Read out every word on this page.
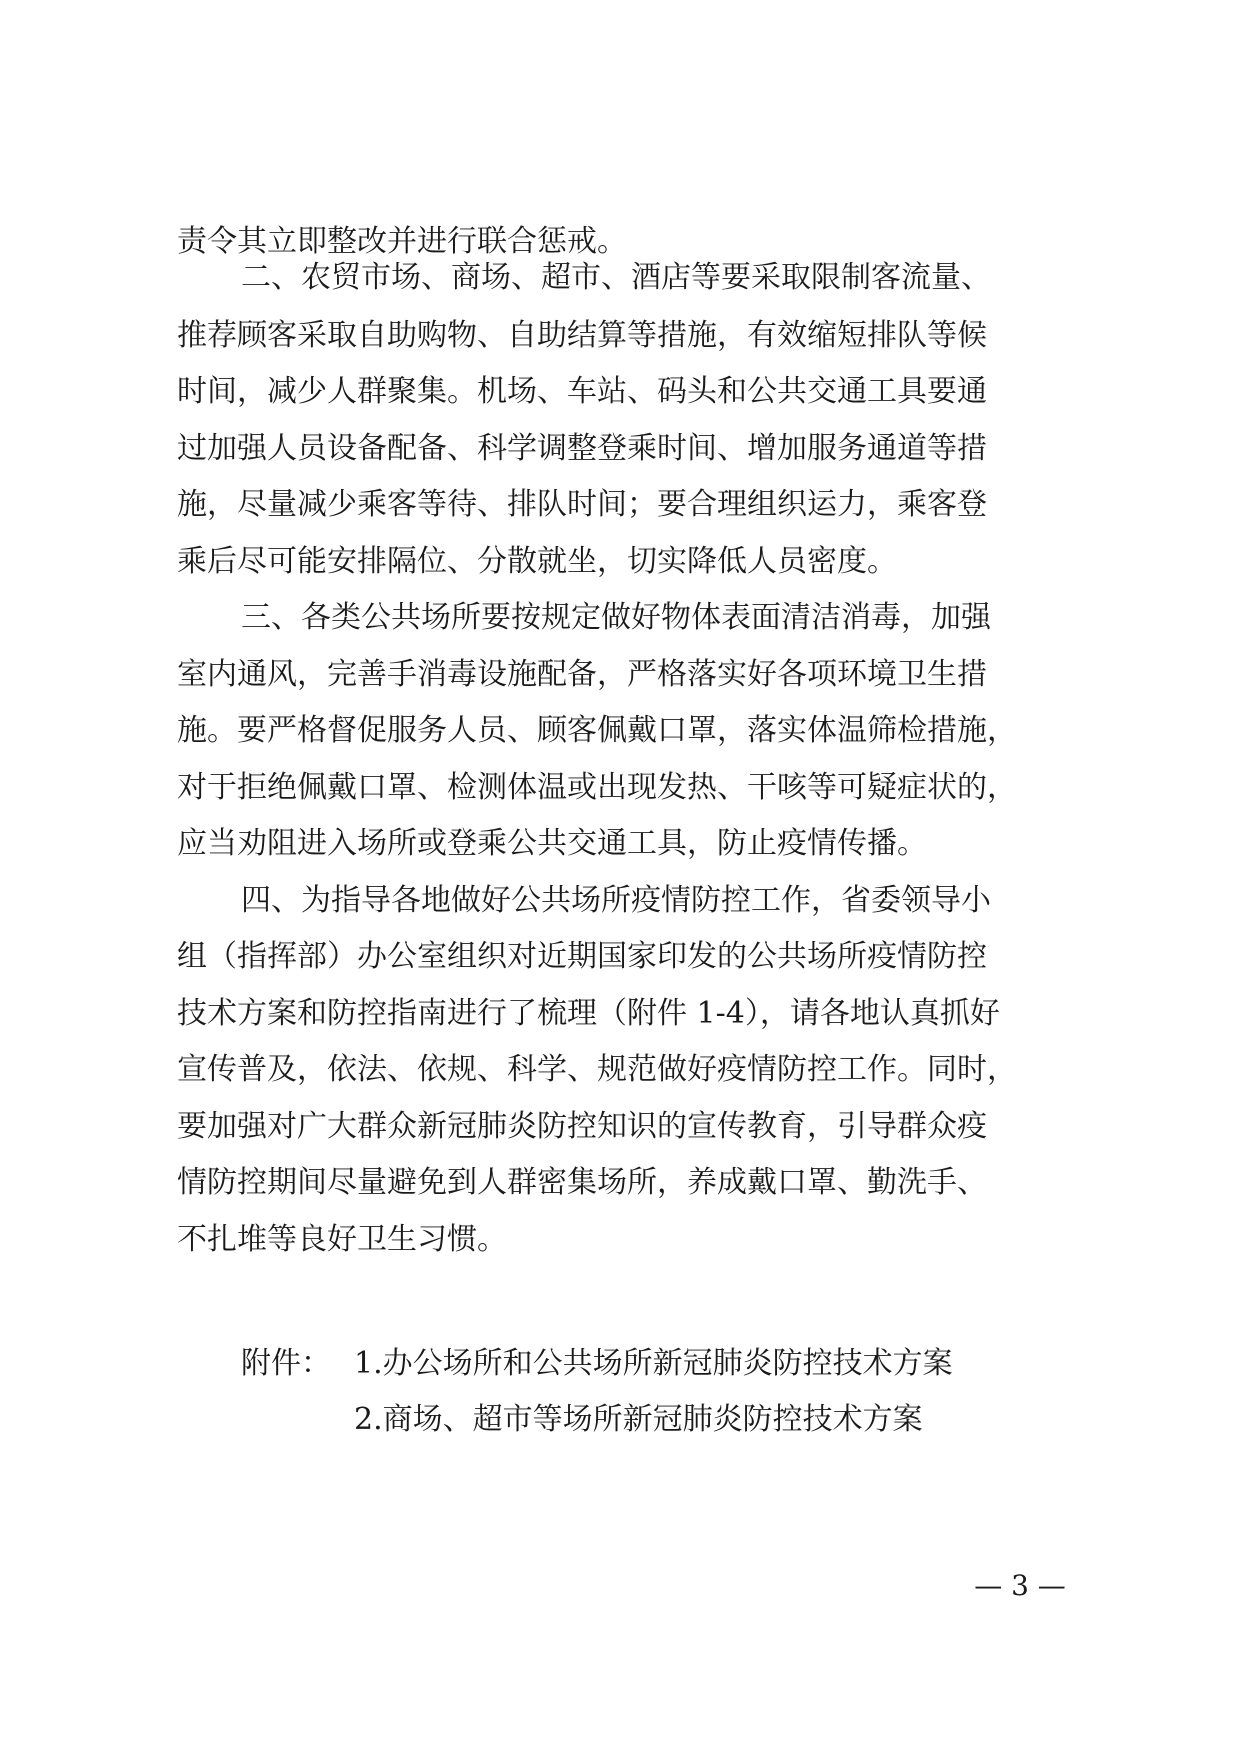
责令其立即整改并进行联合惩戒。
二、农贸市场、商场、超市、酒店等要采取限制客流量、
推荐顾客采取自助购物、自助结算等措施，有效缩短排队等候
时间，减少人群聚集。机场、车站、码头和公共交通工具要通
过加强人员设备配备、科学调整登乘时间、增加服务通道等措
施，尽量减少乘客等待、排队时间；要合理组织运力，乘客登
乘后尽可能安排隔位、分散就坐，切实降低人员密度。
三、各类公共场所要按规定做好物体表面清洁消毒，加强
室内通风，完善手消毒设施配备，严格落实好各项环境卫生措
施。要严格督促服务人员、顾客佩戴口罩，落实体温筛检措施，
对于拒绝佩戴口罩、检测体温或出现发热、干咳等可疑症状的，
应当劝阻进入场所或登乘公共交通工具，防止疫情传播。
四、为指导各地做好公共场所疫情防控工作，省委领导小
组（指挥部）办公室组织对近期国家印发的公共场所疫情防控
技术方案和防控指南进行了梳理（附件 1-4），请各地认真抓好
宣传普及，依法、依规、科学、规范做好疫情防控工作。同时，
要加强对广大群众新冠肺炎防控知识的宣传教育，引导群众疫
情防控期间尽量避免到人群密集场所，养成戴口罩、勤洗手、
不扎堆等良好卫生习惯。
附件： 1.办公场所和公共场所新冠肺炎防控技术方案
2.商场、超市等场所新冠肺炎防控技术方案
— 3 —
